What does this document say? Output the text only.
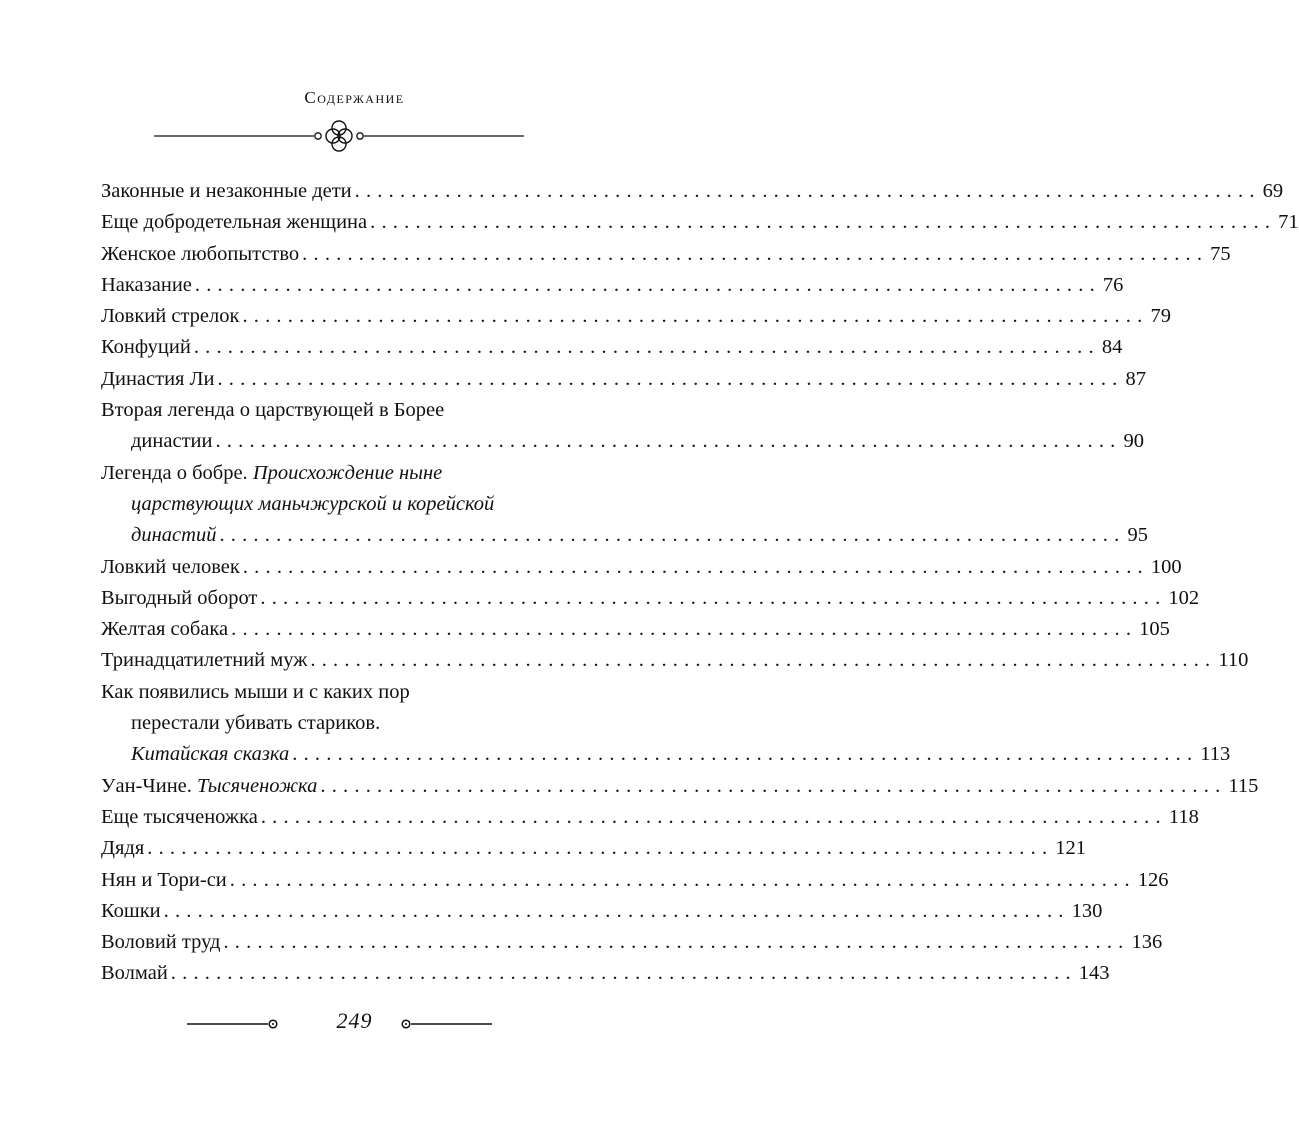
Содержание
Законные и незаконные дети ................................................................................ 69
Еще добродетельная женщина ................................................................................ 71
Женское любопытство ................................................................................ 75
Наказание ................................................................................ 76
Ловкий стрелок ................................................................................ 79
Конфуций ................................................................................ 84
Династия Ли ................................................................................ 87
Вторая легенда о царствующей в Борее
династии ................................................................................ 90
Легенда о бобре. Происхождение ныне
царствующих маньчжурской и корейской
династий ................................................................................ 95
Ловкий человек ................................................................................ 100
Выгодный оборот ................................................................................ 102
Желтая собака ................................................................................ 105
Тринадцатилетний муж ................................................................................ 110
Как появились мыши и с каких пор
перестали убивать стариков.
Китайская сказка ................................................................................ 113
Уан-Чине. Тысяченожка ................................................................................ 115
Еще тысяченожка ................................................................................ 118
Дядя ................................................................................ 121
Нян и Тори-си ................................................................................ 126
Кошки ................................................................................ 130
Воловий труд ................................................................................ 136
Волмай ................................................................................ 143
249
